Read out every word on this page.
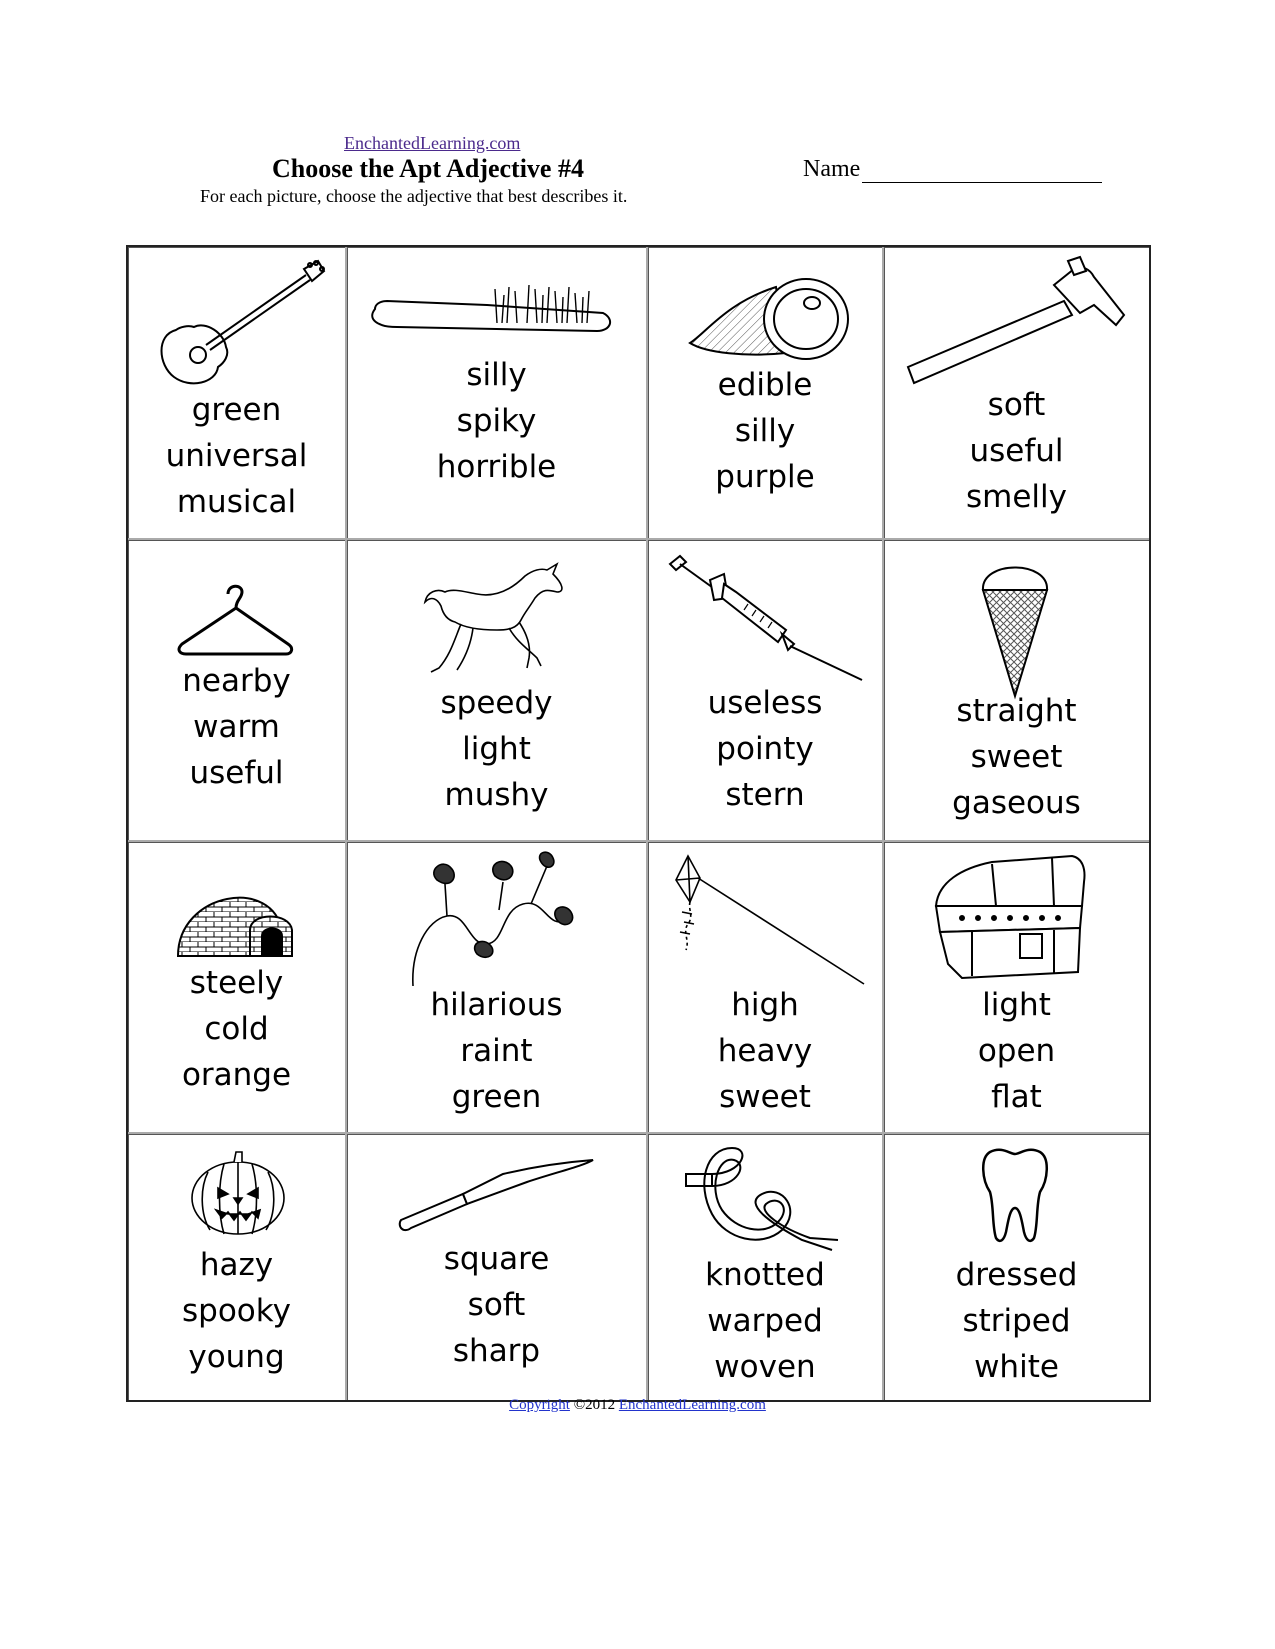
EnchantedLearning.com
Choose the Apt Adjective #4	Name
For each picture, choose the adjective that best describes it.
green
universal
musical
silly
spiky
horrible
edible
silly
purple
soft
useful
smelly
nearby
warm
useful
speedy
light
mushy
useless
pointy
stern
straight
sweet
gaseous
steely
cold
orange
hilarious
raint
green
high
heavy
sweet
light
open
flat
hazy
spooky
young
square
soft
sharp
knotted
warped
woven
dressed
striped
white
Copyright ©2012 EnchantedLearning.com
